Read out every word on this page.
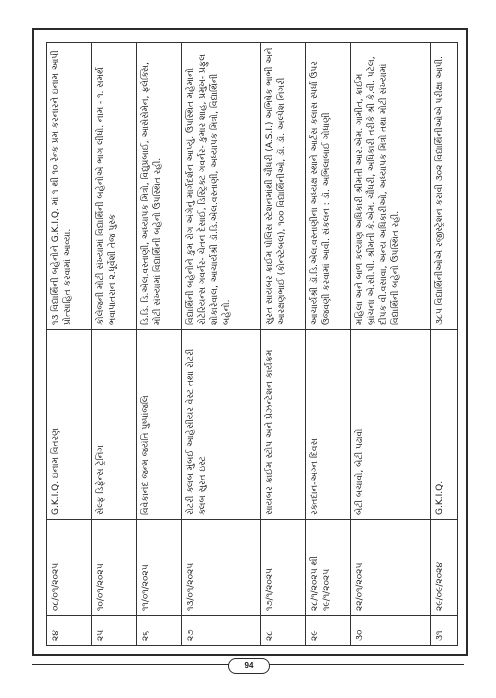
૨૪	૦૮/૦૧/૨૦૨૫	G.K.I.Q. ઇનામ વિતરણ	૧૩ વિદ્યાર્થિની બહેનોને G.K.I.Q. માં ૧ થી ૧૦ રેન્ક પ્રમ કરનારને ઇનામ આપી પ્રોત્સાહિત કરવામાં આવ્યા.
૨૫	૧૦/૦૧/૨૦૨૫	સેલ્ફ ડિફેન્સ ટ્રેનિંગ	કોલેજની મોટી સંખ્યામાં વિદ્યાર્થિની બહેનોએ ભાગ લીધો. નામ - ૧. સમર્થ ભવાપાતરાન ૨.ધૂર્વેશી તેજ પુસ્ક
૨૬	૧૧/૦૧/૨૦૨૫	વિવેકાનંદ જન્મ જયંતિ પુષ્પાંજલિ	ડિ.ડિ. ડિ.એલ.વસ્તાણી, અધ્યાપક મિત્રો, વિદ્યુપ્રબાઈ, આસેસેમેન, ફ્લેક્સિ, મોટી સંખ્યામાં વિદ્યાર્થિની બહેનો ઉપસ્થિત રહી.
૨૭	૧૩/૦૧/૨૦૨૫	રોટરી ક્લબ મુંબઈ આહેસીયર વેસ્ટ તથા રોટરી ક્લબ સુરત ઇસ્ટ	વિદ્યાર્થિની બહેનોને કુમ રોગ અંગેનું માર્ગદર્શન આપ્યું. ઉપસ્થિત મહેમાનો રોટેરિયન્સ ગવર્નર- ચેતન દેસાઈ, ડિસ્ટ્રિક્ટ ગવર્નર- કુમાર શાહ, પ્રમુખ- પ્રફુલ શોકારેવાલ, આચાર્યશ્રી ડૉ.ડિ.એલ.વસ્તાણી, અધ્યાપક મિત્રો, વિદ્યાર્થિની બહેનો.
૨૮	૧૭/૧/૨૦૨૫	સાયબર ક્રાઈમ સ્ટોપ અને પ્રેઝન્ટેશન કાર્યક્રમ	સુરત સાયબર ક્રાઈમ પોલિસ સ્ટેશનમાંથી ચૌધરી (A.S.I.) અભિષેક ભાભી અને આરક્ષણભાઈ (કોન્સ્ટેબલ), ૧૦૦ વિદ્યાર્થિનીઓ, ડૉ. ડૉ. અલ્પેશ નિગરી
૨૯	૨૮/૧/૨૦૨૫ થી ૧૯/૧/૨૦૨૫	રક્તદાન-અગ્ન દિવસ	આચાર્યશ્રી ડૉ.ડિ.એલ.વસ્તાણીના અધ્યક્ષ સ્થાને આર્ટસ કલાસ સ્પર્ધા ઉપર ઉજવણી કરવામાં આવી. સંકલન : ડૉ. અભિલાબાઈ ગોધાણી
૩૦	૨૨/૦૧/૨૦૨૫	બેટી બચાવો, બેટી પઢાવો	મહિલા અને બાળ કલ્યાણ અધિકારી શ્રીમતી આર.એમ. ગામીત, ક્રાઈમ બ્રાંચના એ.સી.પી. શ્રીમતી કે.એમ. ચૌધરી, અધિકારી તરીકે શ્રી કે.વી. પટેલ, દીપક વી.વસાવા, અન્ય અધિકારીઓ, અધ્યાપક મિત્રો તથા મોટી સંખ્યામાં વિદ્યાર્થિની બહેનો ઉપસ્થિત રહી.
૩૧	૨૯/૦૯/૨૦૨૪	G.K.I.Q.	૩૮૫ વિદ્યાર્થિનીઓએ રજીસ્ટ્રેશન કરાવી ૩૦૨ વિદ્યાર્થિનીઓએ પરીક્ષા આપી.
94
